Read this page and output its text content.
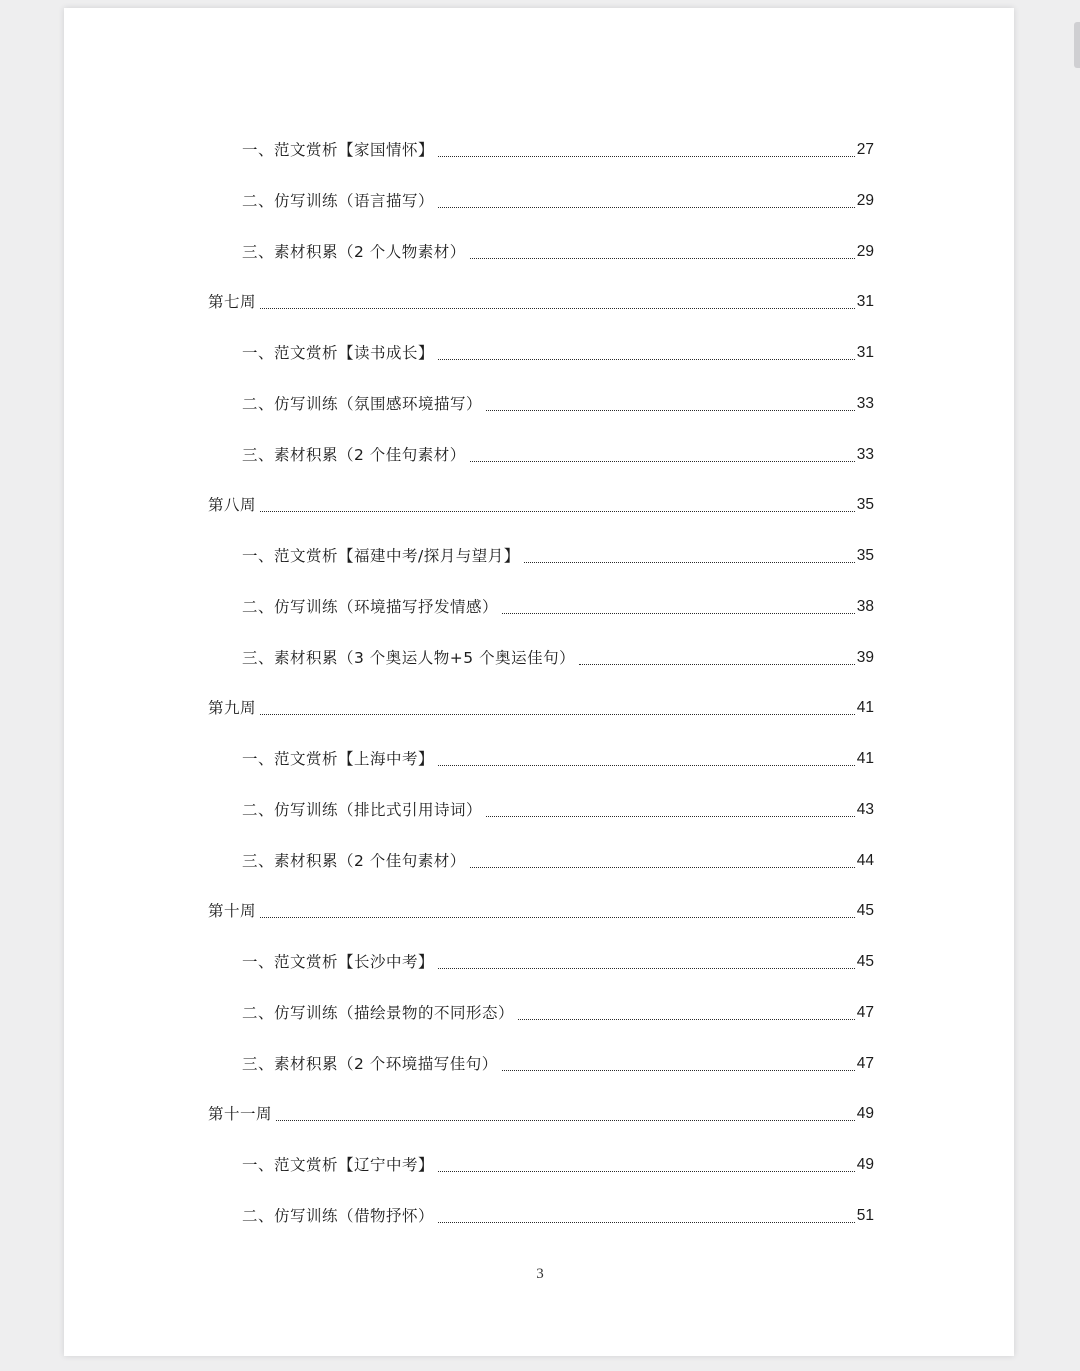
一、范文赏析【家国情怀】	27
二、仿写训练（语言描写）	29
三、素材积累（2 个人物素材）	29
第七周	31
一、范文赏析【读书成长】	31
二、仿写训练（氛围感环境描写）	33
三、素材积累（2 个佳句素材）	33
第八周	35
一、范文赏析【福建中考/探月与望月】	35
二、仿写训练（环境描写抒发情感）	38
三、素材积累（3 个奥运人物+5 个奥运佳句）	39
第九周	41
一、范文赏析【上海中考】	41
二、仿写训练（排比式引用诗词）	43
三、素材积累（2 个佳句素材）	44
第十周	45
一、范文赏析【长沙中考】	45
二、仿写训练（描绘景物的不同形态）	47
三、素材积累（2 个环境描写佳句）	47
第十一周	49
一、范文赏析【辽宁中考】	49
二、仿写训练（借物抒怀）	51
3
